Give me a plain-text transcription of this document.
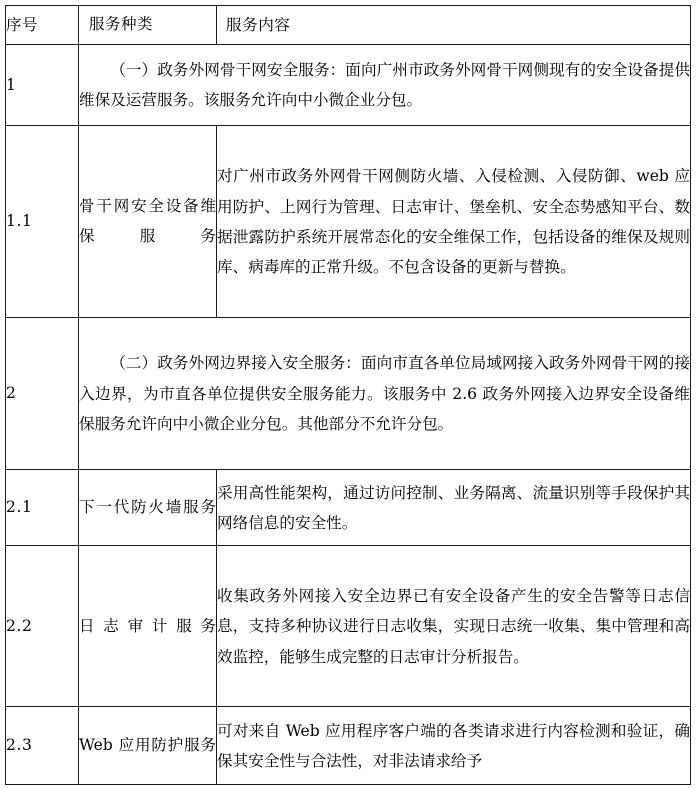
序号	服务种类	服务内容
1	（一）政务外网骨干网安全服务：面向广州市政务外网骨干网侧现有的安全设备提供维保及运营服务。该服务允许向中小微企业分包。	
1.1	骨干网安全设备维保服务	对广州市政务外网骨干网侧防火墙、入侵检测、入侵防御、web 应用防护、上网行为管理、日志审计、堡垒机、安全态势感知平台、数据泄露防护系统开展常态化的安全维保工作，包括设备的维保及规则库、病毒库的正常升级。不包含设备的更新与替换。
2	（二）政务外网边界接入安全服务：面向市直各单位局域网接入政务外网骨干网的接入边界，为市直各单位提供安全服务能力。该服务中 2.6 政务外网接入边界安全设备维保服务允许向中小微企业分包。其他部分不允许分包。	
2.1	下一代防火墙服务	采用高性能架构，通过访问控制、业务隔离、流量识别等手段保护其网络信息的安全性。
2.2	日志审计服务	收集政务外网接入安全边界已有安全设备产生的安全告警等日志信息，支持多种协议进行日志收集，实现日志统一收集、集中管理和高效监控，能够生成完整的日志审计分析报告。
2.3	Web 应用防护服务	可对来自 Web 应用程序客户端的各类请求进行内容检测和验证，确保其安全性与合法性，对非法请求给予
